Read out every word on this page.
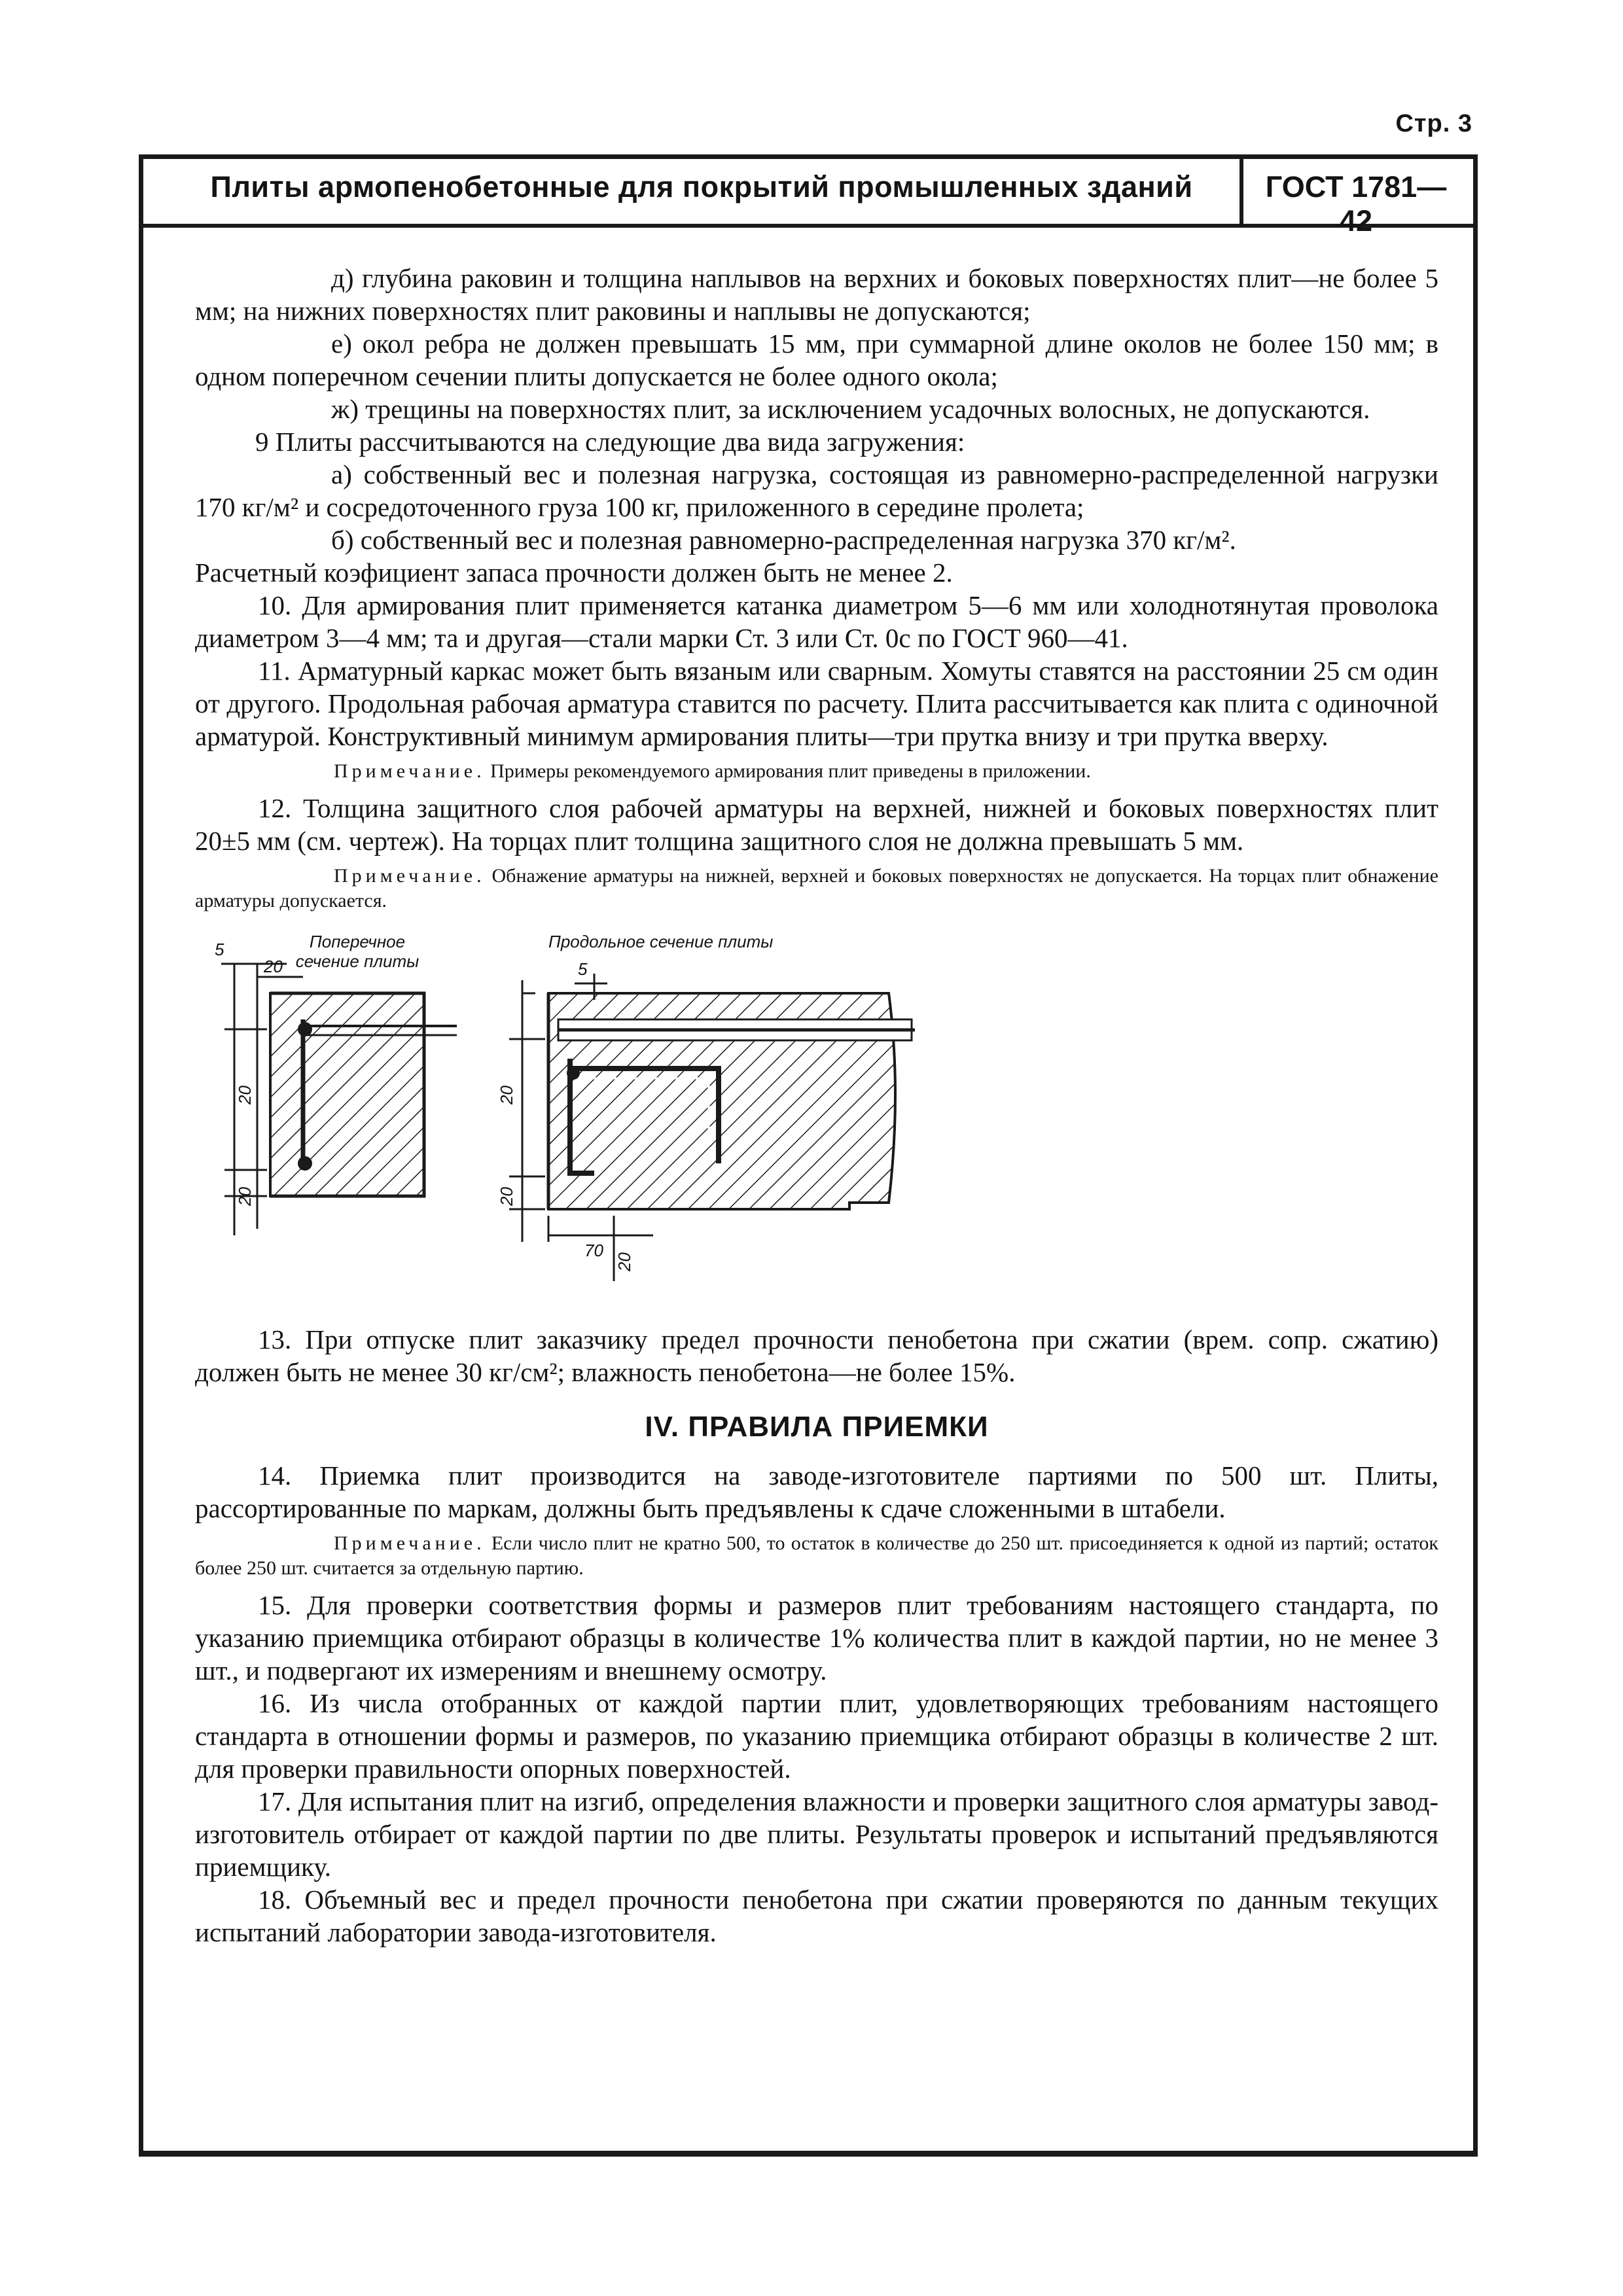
Стр. 3
Плиты армопенобетонные для покрытий промышленных зданий	ГОСТ 1781—42

д) глубина раковин и толщина наплывов на верхних и боковых поверхностях плит—не более 5 мм; на нижних поверхностях плит раковины и наплывы не допускаются;

е) окол ребра не должен превышать 15 мм, при суммарной длине околов не более 150 мм; в одном поперечном сечении плиты допускается не более одного окола;

ж) трещины на поверхностях плит, за исключением усадочных волосных, не допускаются.

9 Плиты рассчитываются на следующие два вида загружения:

а) собственный вес и полезная нагрузка, состоящая из равномерно-распределенной нагрузки 170 кг/м² и сосредоточенного груза 100 кг, приложенного в середине пролета;

б) собственный вес и полезная равномерно-распределенная нагрузка 370 кг/м².

Расчетный коэфициент запаса прочности должен быть не менее 2.

10. Для армирования плит применяется катанка диаметром 5—6 мм или холоднотянутая проволока диаметром 3—4 мм; та и другая—стали марки Ст. 3 или Ст. 0с по ГОСТ 960—41.

11. Арматурный каркас может быть вязаным или сварным. Хомуты ставятся на расстоянии 25 см один от другого. Продольная рабочая арматура ставится по расчету. Плита рассчитывается как плита с одиночной арматурой. Конструктивный минимум армирования плиты—три прутка внизу и три прутка вверху.

Примечание. Примеры рекомендуемого армирования плит приведены в приложении.

12. Толщина защитного слоя рабочей арматуры на верхней, нижней и боковых поверхностях плит 20±5 мм (см. чертеж). На торцах плит толщина защитного слоя не должна превышать 5 мм.

Примечание. Обнажение арматуры на нижней, верхней и боковых поверхностях не допускается. На торцах плит обнажение арматуры допускается.

Поперечное сечение плиты
Продольное сечение плиты
5
20
20
20
5
20
20
70
20

13. При отпуске плит заказчику предел прочности пенобетона при сжатии (врем. сопр. сжатию) должен быть не менее 30 кг/см²; влажность пенобетона—не более 15%.

IV. ПРАВИЛА ПРИЕМКИ

14. Приемка плит производится на заводе-изготовителе партиями по 500 шт. Плиты, рассортированные по маркам, должны быть предъявлены к сдаче сложенными в штабели.

Примечание. Если число плит не кратно 500, то остаток в количестве до 250 шт. присоединяется к одной из партий; остаток более 250 шт. считается за отдельную партию.

15. Для проверки соответствия формы и размеров плит требованиям настоящего стандарта, по указанию приемщика отбирают образцы в количестве 1% количества плит в каждой партии, но не менее 3 шт., и подвергают их измерениям и внешнему осмотру.

16. Из числа отобранных от каждой партии плит, удовлетворяющих требованиям настоящего стандарта в отношении формы и размеров, по указанию приемщика отбирают образцы в количестве 2 шт. для проверки правильности опорных поверхностей.

17. Для испытания плит на изгиб, определения влажности и проверки защитного слоя арматуры завод-изготовитель отбирает от каждой партии по две плиты. Результаты проверок и испытаний предъявляются приемщику.

18. Объемный вес и предел прочности пенобетона при сжатии проверяются по данным текущих испытаний лаборатории завода-изготовителя.
